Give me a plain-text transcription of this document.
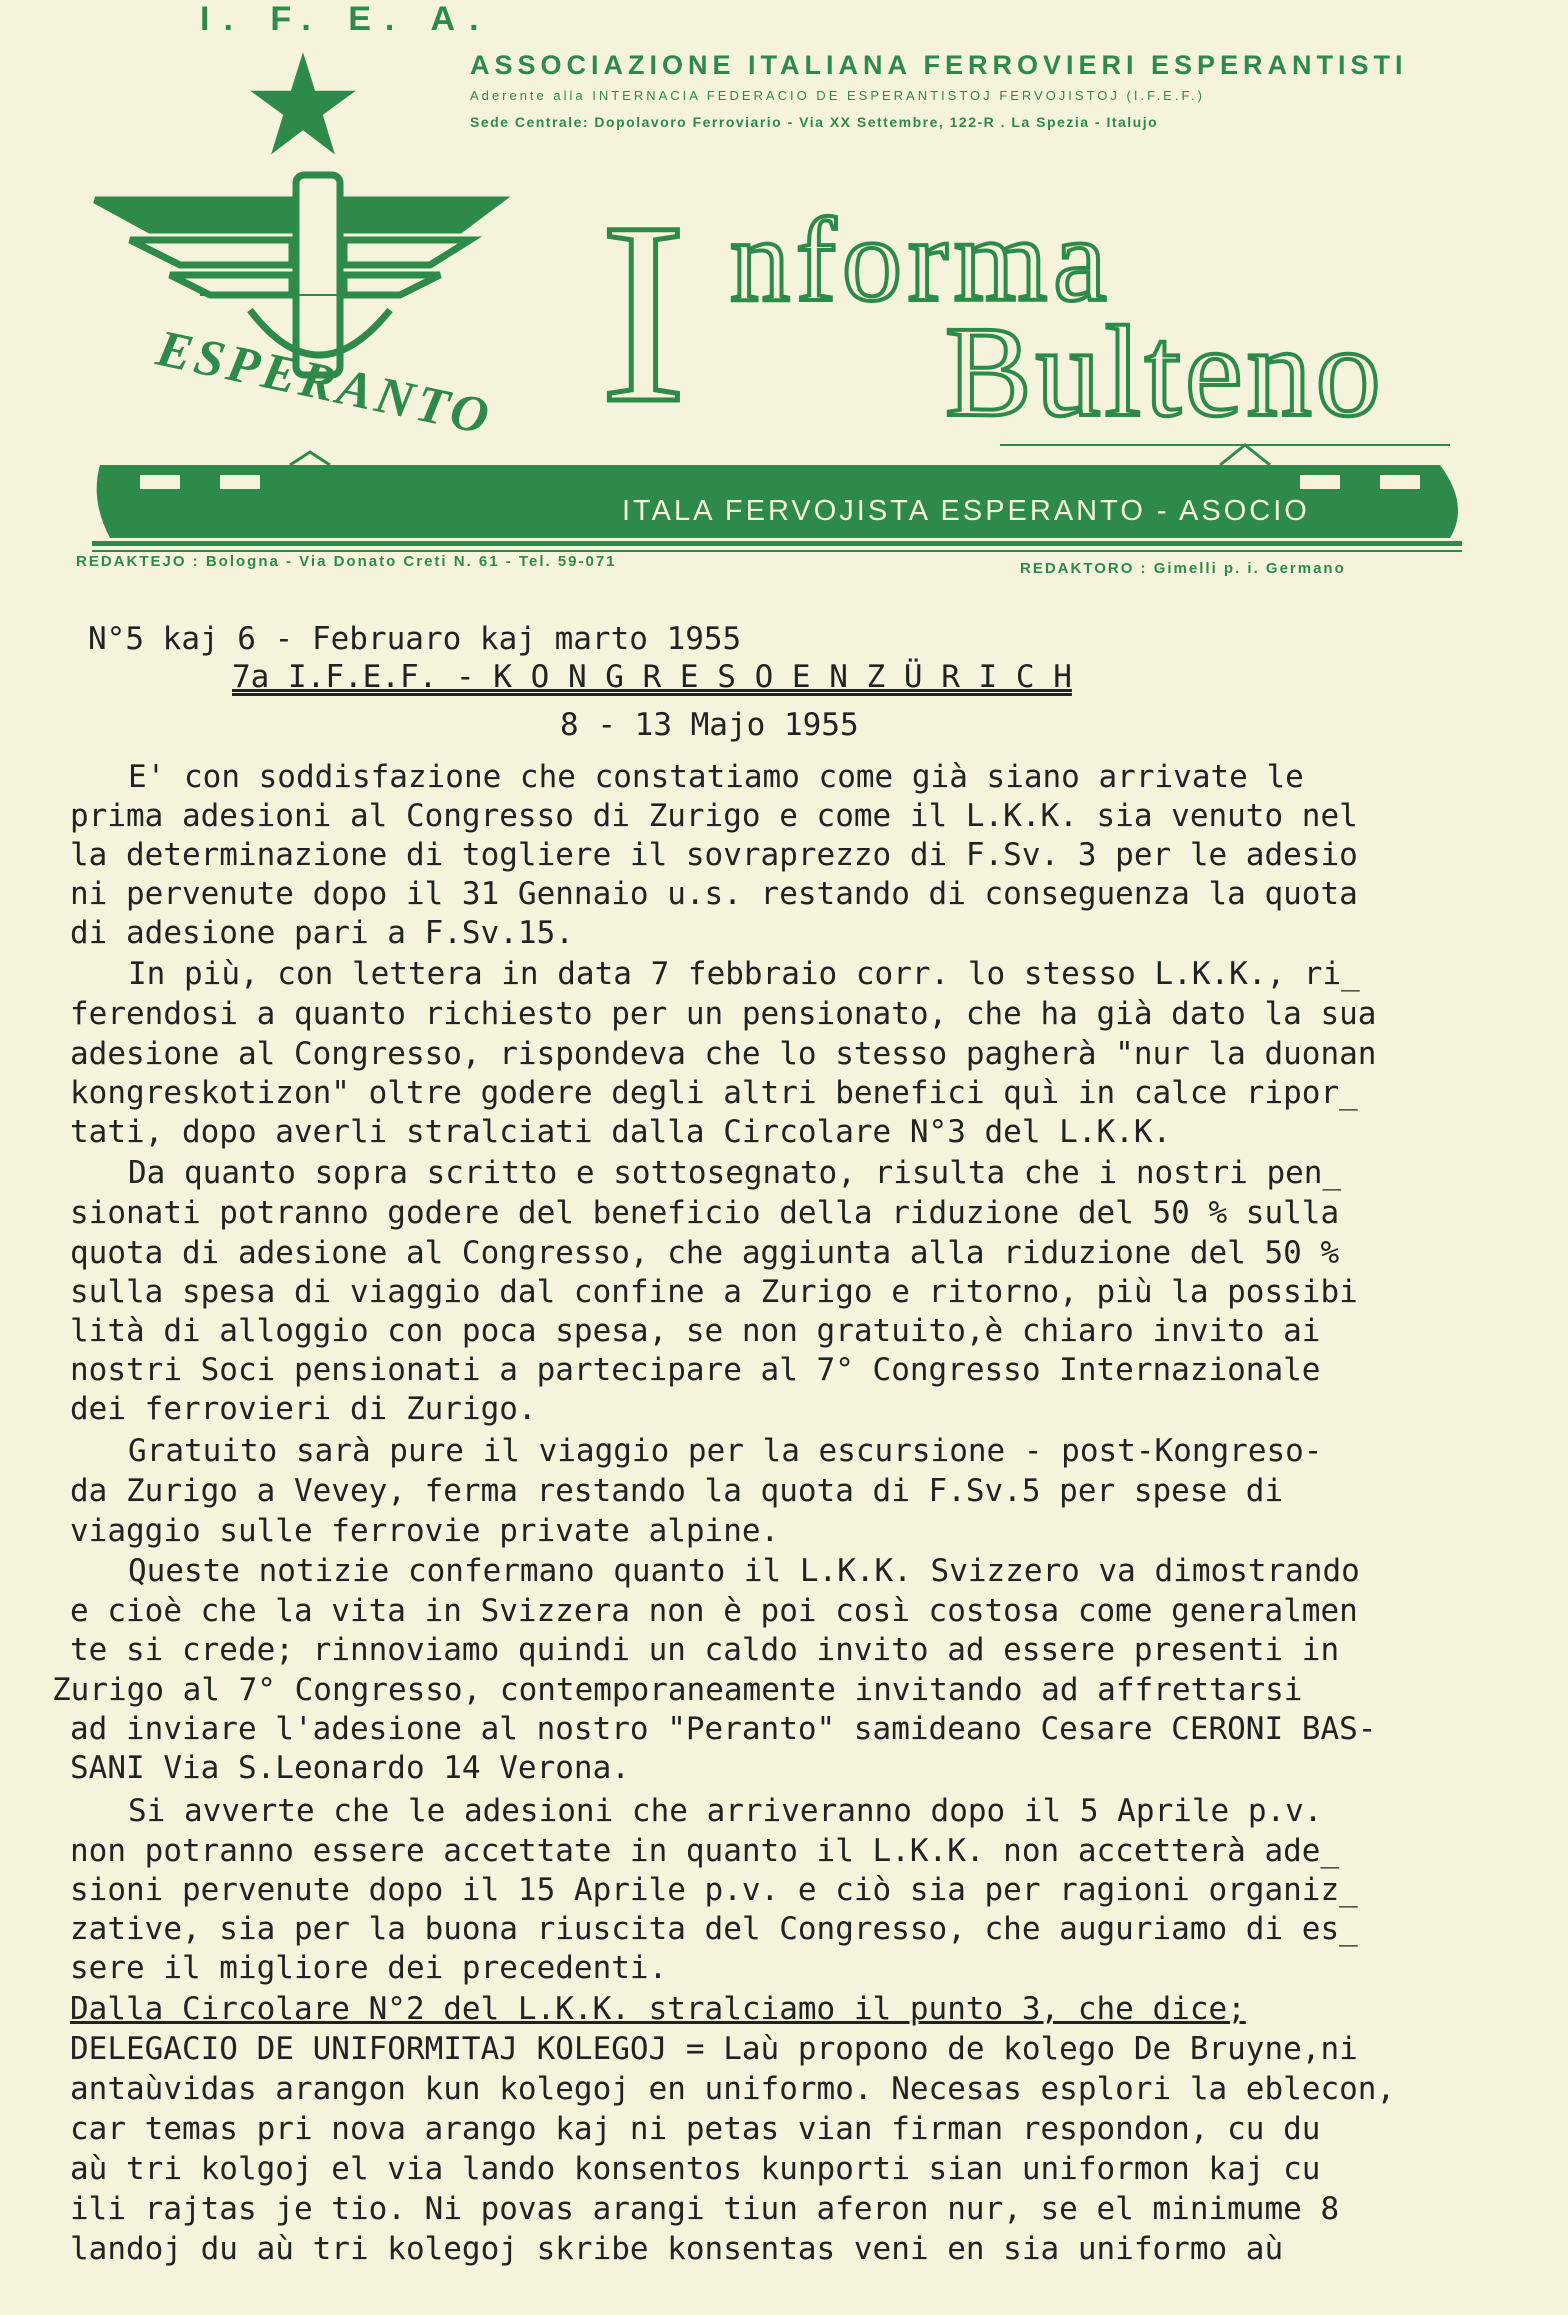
I. F. E. A.
ASSOCIAZIONE ITALIANA FERROVIERI ESPERANTISTI
Aderente alla INTERNACIA FEDERACIO DE ESPERANTISTOJ FERVOJISTOJ (I.F.E.F.)
Sede Centrale: Dopolavoro Ferroviario - Via XX Settembre, 122-R . La Spezia - Italujo
ESPERANTO I nforma
Bulteno
ITALA FERVOJISTA ESPERANTO - ASOCIO
REDAKTEJO : Bologna - Via Donato Creti N. 61 - Tel. 59-071	REDAKTORO : Gimelli p. i. Germano
N°5 kaj 6 - Februaro kaj marto 1955
7a I.F.E.F. - K O N G R E S O E N Z Ü R I C H
8 - 13 Majo 1955
E' con soddisfazione che constatiamo come già siano arrivate le
prima adesioni al Congresso di Zurigo e come il L.K.K. sia venuto nel
la determinazione di togliere il sovraprezzo di F.Sv. 3 per le adesio
ni pervenute dopo il 31 Gennaio u.s. restando di conseguenza la quota
di adesione pari a F.Sv.15.
In più, con lettera in data 7 febbraio corr. lo stesso L.K.K., ri_
ferendosi a quanto richiesto per un pensionato, che ha già dato la sua
adesione al Congresso, rispondeva che lo stesso pagherà "nur la duonan
kongreskotizon" oltre godere degli altri benefici quì in calce ripor_
tati, dopo averli stralciati dalla Circolare N°3 del L.K.K.
Da quanto sopra scritto e sottosegnato, risulta che i nostri pen_
sionati potranno godere del beneficio della riduzione del 50 % sulla
quota di adesione al Congresso, che aggiunta alla riduzione del 50 %
sulla spesa di viaggio dal confine a Zurigo e ritorno, più la possibi
lità di alloggio con poca spesa, se non gratuito,è chiaro invito ai
nostri Soci pensionati a partecipare al 7° Congresso Internazionale
dei ferrovieri di Zurigo.
Gratuito sarà pure il viaggio per la escursione - post-Kongreso-
da Zurigo a Vevey, ferma restando la quota di F.Sv.5 per spese di
viaggio sulle ferrovie private alpine.
Queste notizie confermano quanto il L.K.K. Svizzero va dimostrando
e cioè che la vita in Svizzera non è poi così costosa come generalmen
te si crede; rinnoviamo quindi un caldo invito ad essere presenti in
Zurigo al 7° Congresso, contemporaneamente invitando ad affrettarsi
ad inviare l'adesione al nostro "Peranto" samideano Cesare CERONI BAS-
SANI Via S.Leonardo 14 Verona.
Si avverte che le adesioni che arriveranno dopo il 5 Aprile p.v.
non potranno essere accettate in quanto il L.K.K. non accetterà ade_
sioni pervenute dopo il 15 Aprile p.v. e ciò sia per ragioni organiz_
zative, sia per la buona riuscita del Congresso, che auguriamo di es_
sere il migliore dei precedenti.
Dalla Circolare N°2 del L.K.K. stralciamo il punto 3, che dice;
DELEGACIO DE UNIFORMITAJ KOLEGOJ = Laù propono de kolego De Bruyne,ni
antaùvidas arangon kun kolegoj en uniformo. Necesas esplori la eblecon,
car temas pri nova arango kaj ni petas vian firman respondon, cu du
aù tri kolgoj el via lando konsentos kunporti sian uniformon kaj cu
ili rajtas je tio. Ni povas arangi tiun aferon nur, se el minimume 8
landoj du aù tri kolegoj skribe konsentas veni en sia uniformo aù
